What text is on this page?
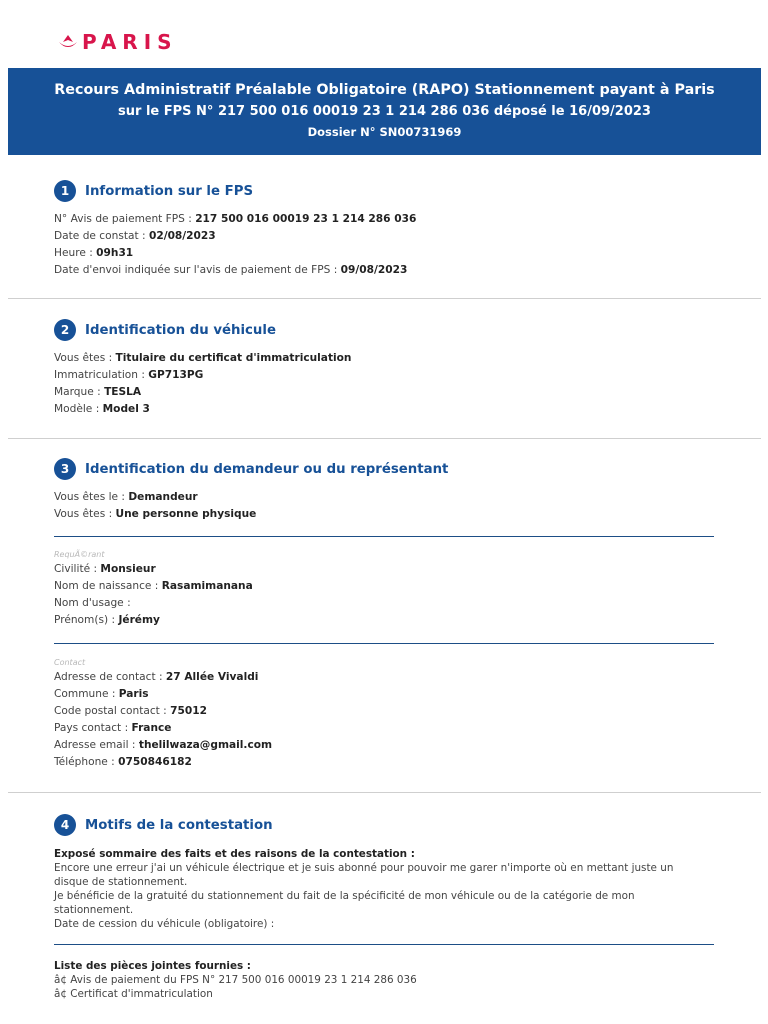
PARIS
Recours Administratif Préalable Obligatoire (RAPO) Stationnement payant à Paris
sur le FPS N° 217 500 016 00019 23 1 214 286 036 déposé le 16/09/2023
Dossier N° SN00731969
1	Information sur le FPS
N° Avis de paiement FPS : 217 500 016 00019 23 1 214 286 036
Date de constat : 02/08/2023
Heure : 09h31
Date d'envoi indiquée sur l'avis de paiement de FPS : 09/08/2023
2	Identification du véhicule
Vous êtes : Titulaire du certificat d'immatriculation
Immatriculation : GP713PG
Marque : TESLA
Modèle : Model 3
3	Identification du demandeur ou du représentant
Vous êtes le : Demandeur
Vous êtes : Une personne physique
RequÃ©rant
Civilité : Monsieur
Nom de naissance : Rasamimanana
Nom d'usage :
Prénom(s) : Jérémy
Contact
Adresse de contact : 27 Allée Vivaldi
Commune : Paris
Code postal contact : 75012
Pays contact : France
Adresse email : thelilwaza@gmail.com
Téléphone : 0750846182
4	Motifs de la contestation
Exposé sommaire des faits et des raisons de la contestation :
Encore une erreur j'ai un véhicule électrique et je suis abonné pour pouvoir me garer n'importe où en mettant juste un
disque de stationnement.
Je bénéficie de la gratuité du stationnement du fait de la spécificité de mon véhicule ou de la catégorie de mon
stationnement.
Date de cession du véhicule (obligatoire) :
Liste des pièces jointes fournies :
â¢ Avis de paiement du FPS N° 217 500 016 00019 23 1 214 286 036
â¢ Certificat d'immatriculation
